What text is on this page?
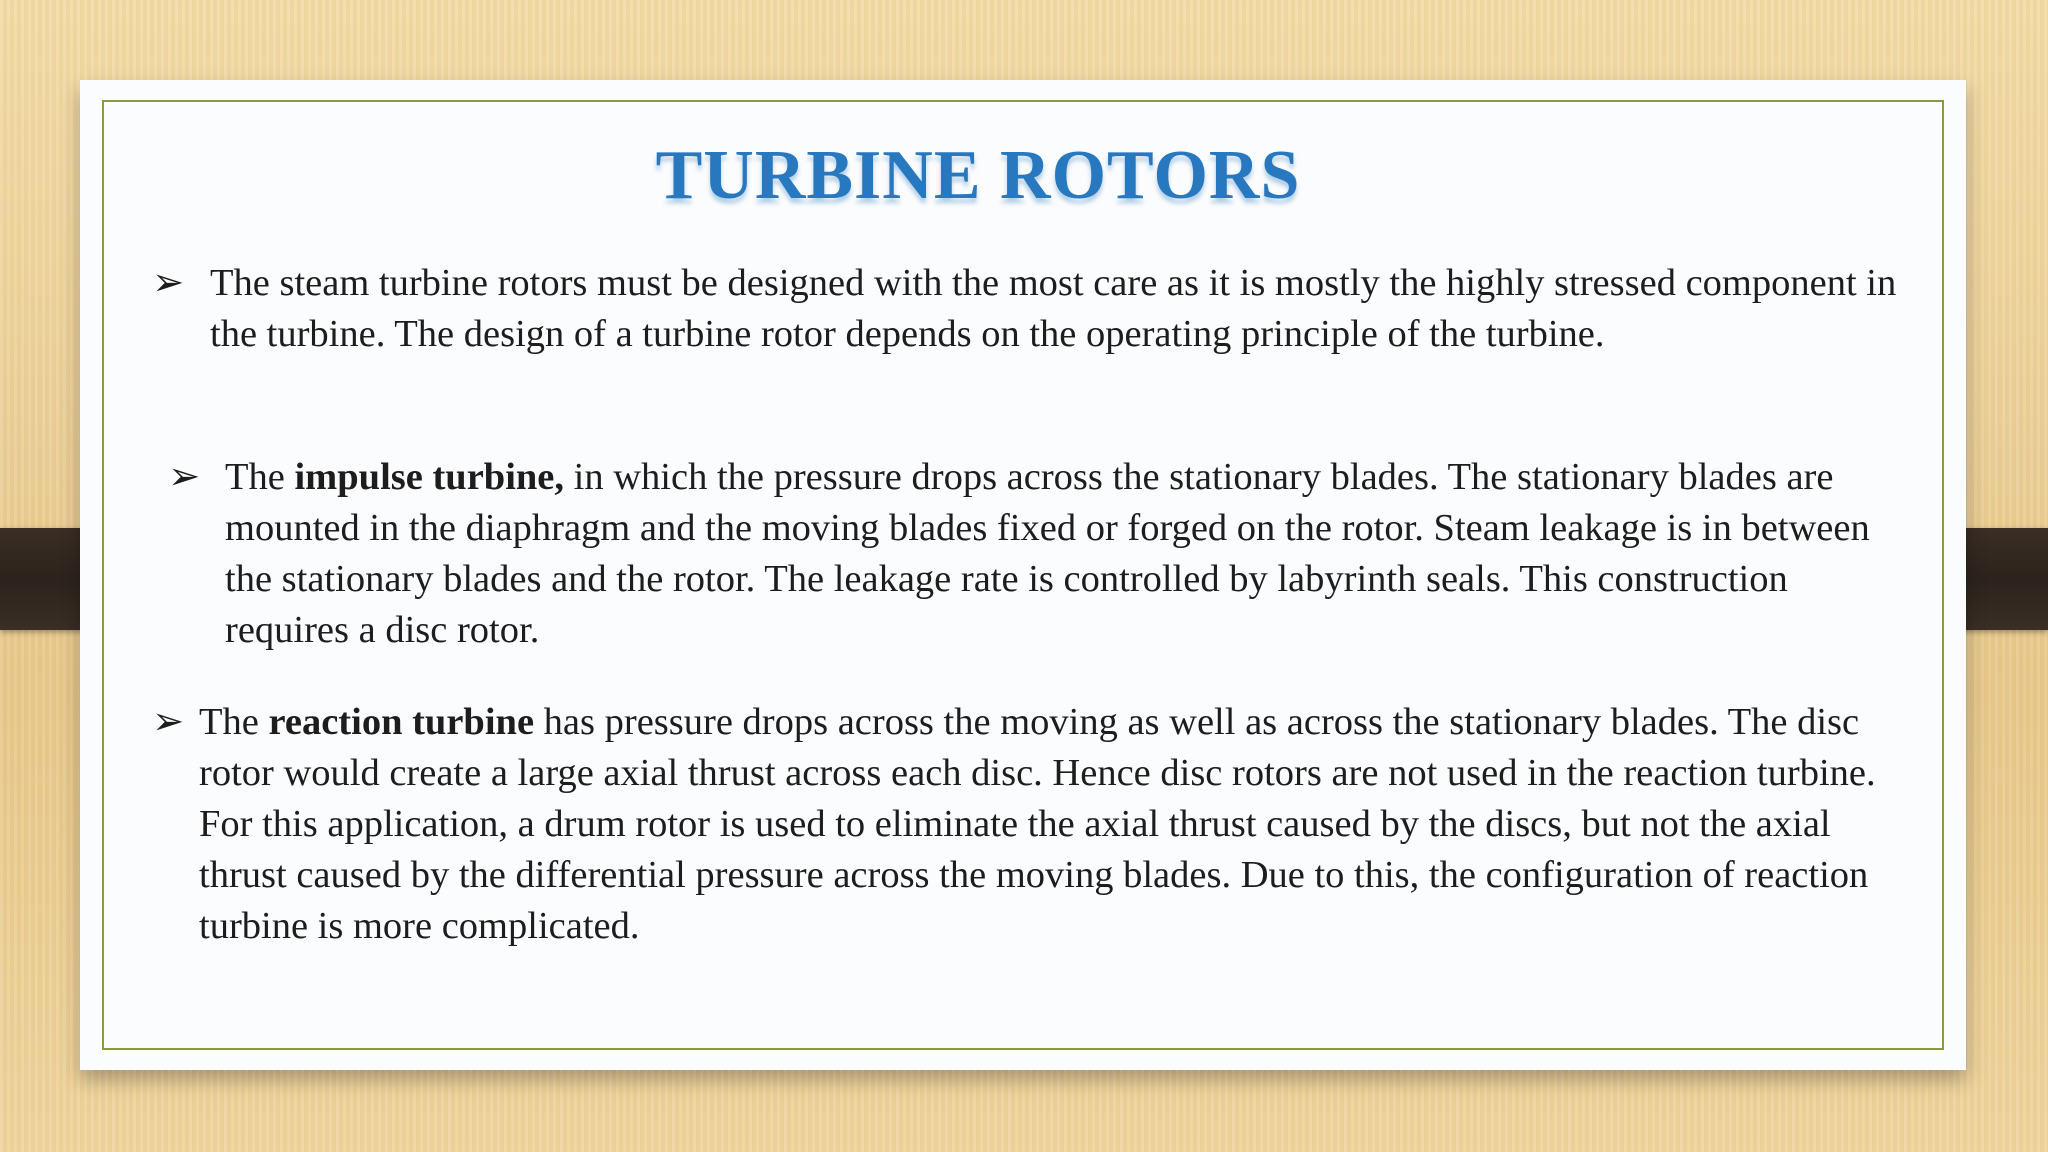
TURBINE ROTORS
➢ The steam turbine rotors must be designed with the most care as it is mostly the highly stressed component in the turbine. The design of a turbine rotor depends on the operating principle of the turbine.
➢ The impulse turbine, in which the pressure drops across the stationary blades. The stationary blades are mounted in the diaphragm and the moving blades fixed or forged on the rotor. Steam leakage is in between the stationary blades and the rotor. The leakage rate is controlled by labyrinth seals. This construction requires a disc rotor.
➢ The reaction turbine has pressure drops across the moving as well as across the stationary blades. The disc rotor would create a large axial thrust across each disc. Hence disc rotors are not used in the reaction turbine. For this application, a drum rotor is used to eliminate the axial thrust caused by the discs, but not the axial thrust caused by the differential pressure across the moving blades. Due to this, the configuration of reaction turbine is more complicated.
